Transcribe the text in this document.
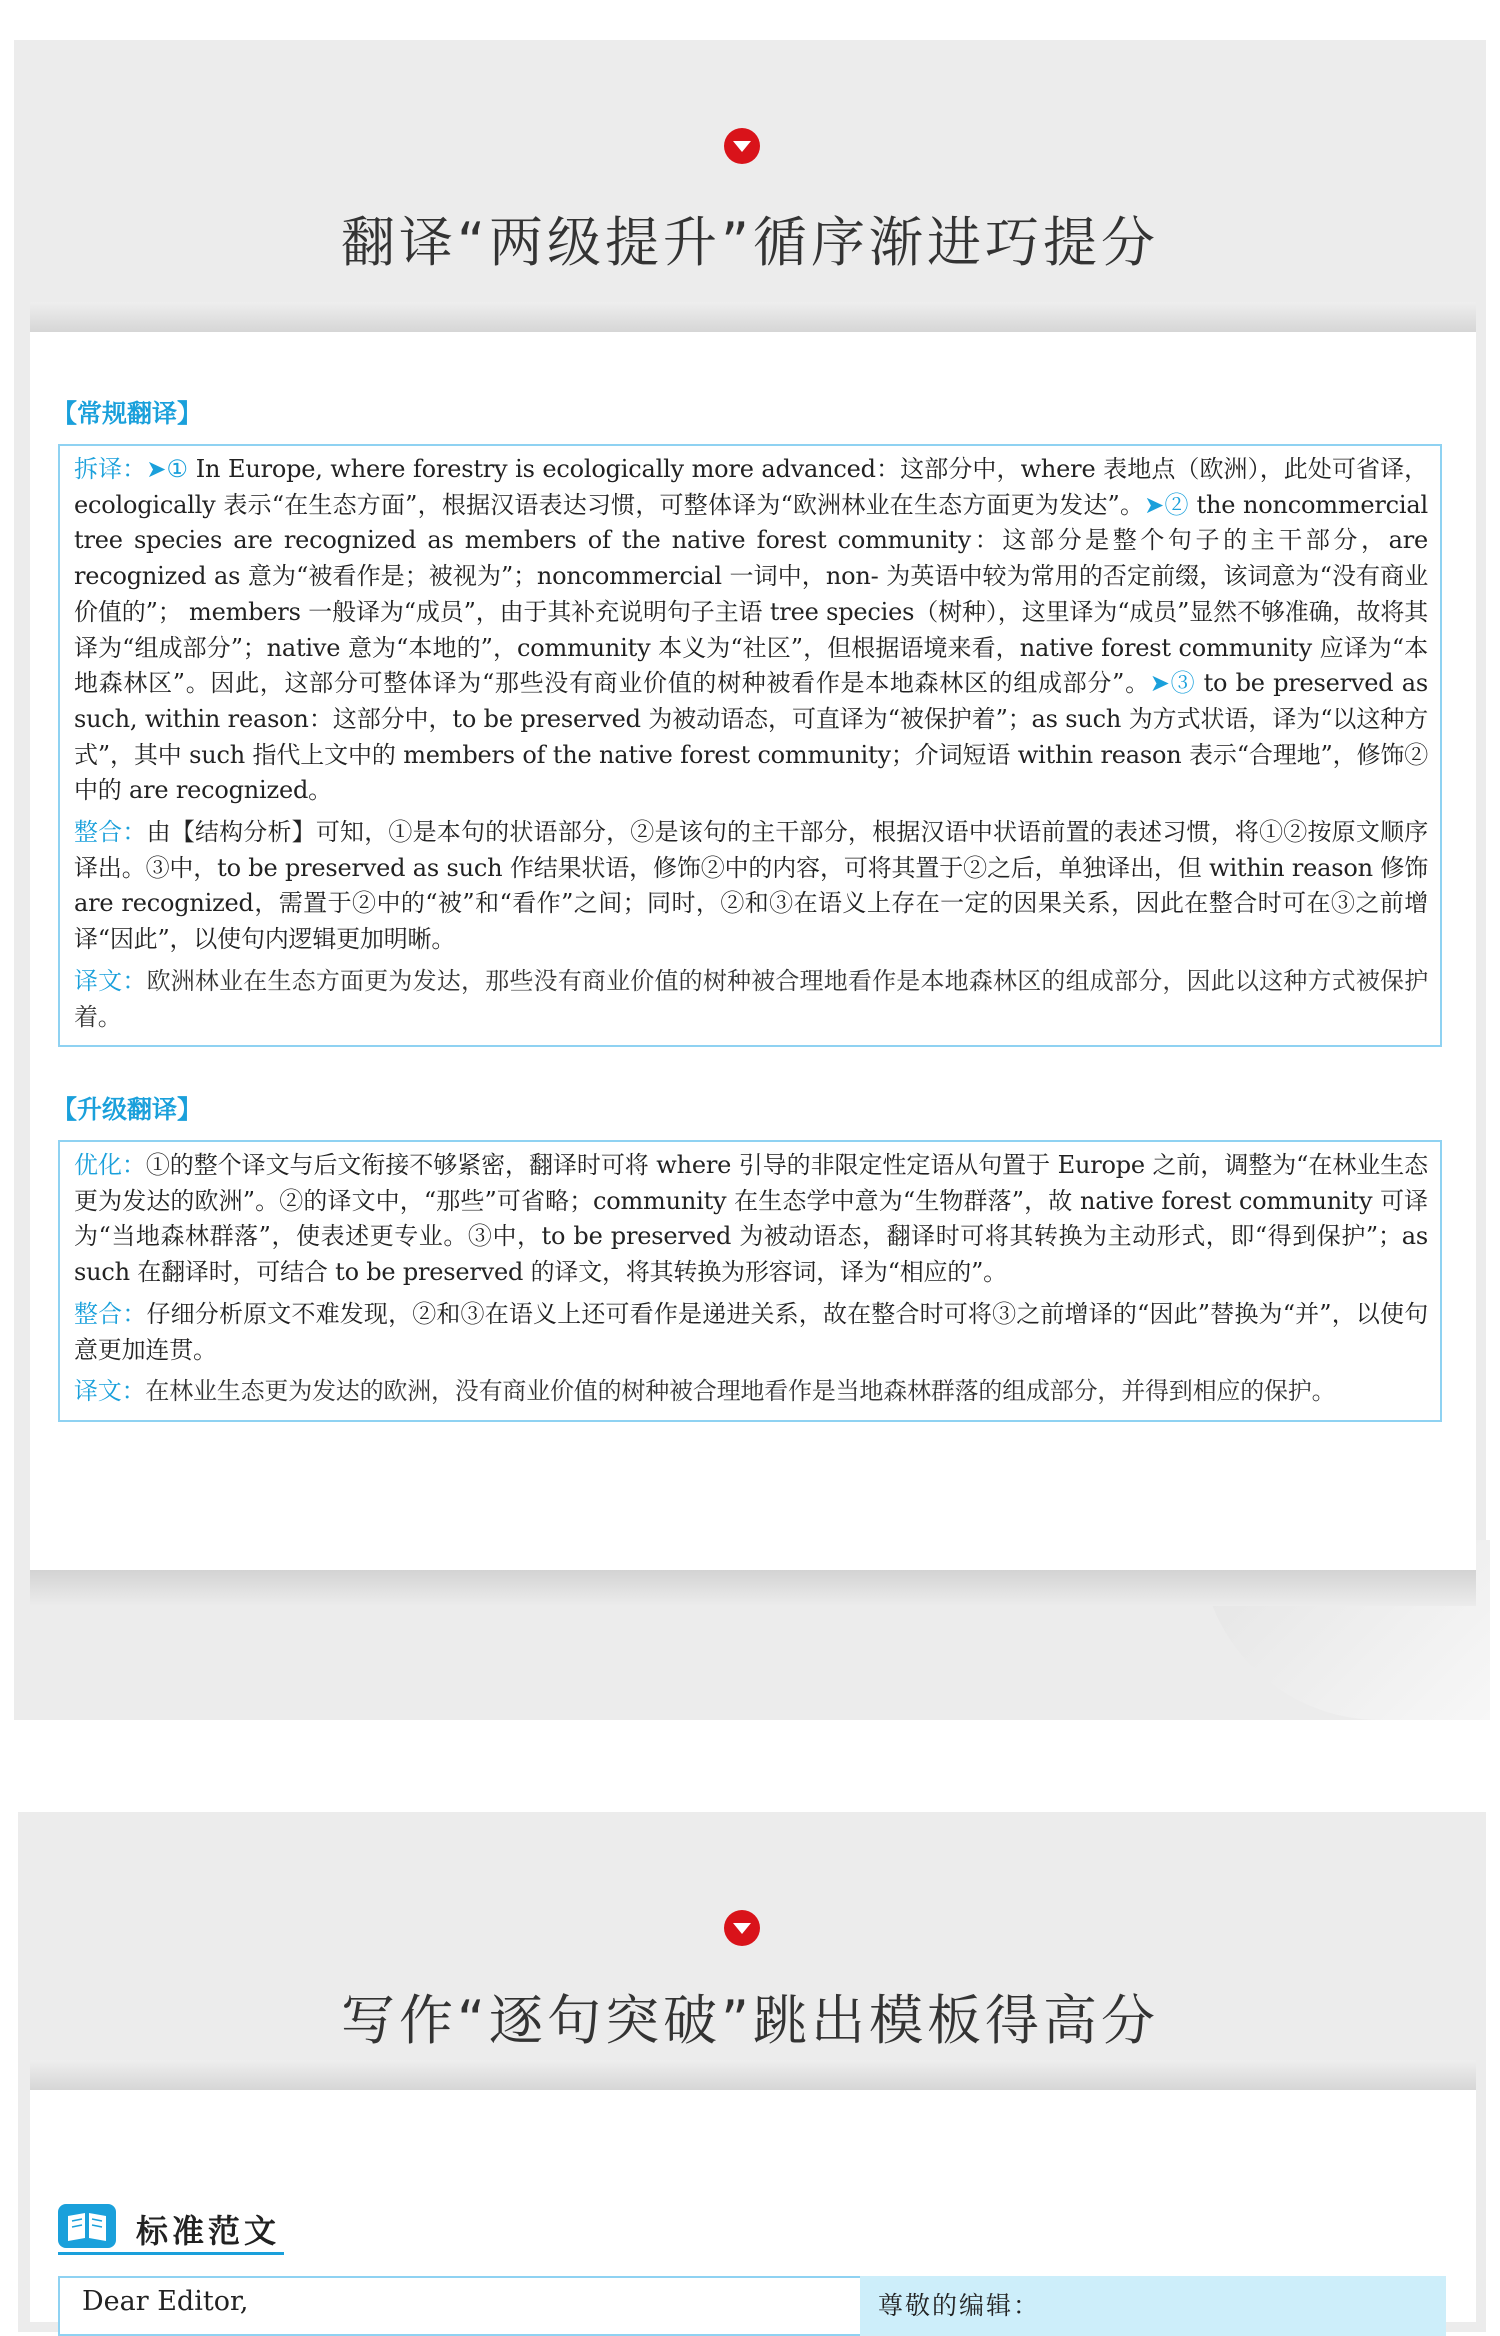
翻译“两级提升”循序渐进巧提分
【常规翻译】

拆译：➤① In Europe, where forestry is ecologically more advanced：这部分中，where 表地点（欧洲），此处可省译，ecologically 表示“在生态方面”，根据汉语表达习惯，可整体译为“欧洲林业在生态方面更为发达”。➤② the noncommercial tree species are recognized as members of the native forest community：这部分是整个句子的主干部分，are recognized as 意为“被看作是；被视为”；noncommercial 一词中，non- 为英语中较为常用的否定前缀，该词意为“没有商业价值的”； members 一般译为“成员”，由于其补充说明句子主语 tree species（树种），这里译为“成员”显然不够准确，故将其译为“组成部分”；native 意为“本地的”，community 本义为“社区”，但根据语境来看，native forest community 应译为“本地森林区”。因此，这部分可整体译为“那些没有商业价值的树种被看作是本地森林区的组成部分”。➤③ to be preserved as such, within reason：这部分中，to be preserved 为被动语态，可直译为“被保护着”；as such 为方式状语，译为“以这种方式”，其中 such 指代上文中的 members of the native forest community；介词短语 within reason 表示“合理地”，修饰②中的 are recognized。

整合：由【结构分析】可知，①是本句的状语部分，②是该句的主干部分，根据汉语中状语前置的表述习惯，将①②按原文顺序译出。③中，to be preserved as such 作结果状语，修饰②中的内容，可将其置于②之后，单独译出，但 within reason 修饰 are recognized，需置于②中的“被”和“看作”之间；同时，②和③在语义上存在一定的因果关系，因此在整合时可在③之前增译“因此”，以使句内逻辑更加明晰。

译文：欧洲林业在生态方面更为发达，那些没有商业价值的树种被合理地看作是本地森林区的组成部分，因此以这种方式被保护着。

【升级翻译】

优化：①的整个译文与后文衔接不够紧密，翻译时可将 where 引导的非限定性定语从句置于 Europe 之前，调整为“在林业生态更为发达的欧洲”。②的译文中，“那些”可省略；community 在生态学中意为“生物群落”，故 native forest community 可译为“当地森林群落”，使表述更专业。③中，to be preserved 为被动语态，翻译时可将其转换为主动形式，即“得到保护”；as such 在翻译时，可结合 to be preserved 的译文，将其转换为形容词，译为“相应的”。

整合：仔细分析原文不难发现，②和③在语义上还可看作是递进关系，故在整合时可将③之前增译的“因此”替换为“并”，以使句意更加连贯。

译文：在林业生态更为发达的欧洲，没有商业价值的树种被合理地看作是当地森林群落的组成部分，并得到相应的保护。

写作“逐句突破”跳出模板得高分
标准范文
Dear Editor,	尊敬的编辑：
